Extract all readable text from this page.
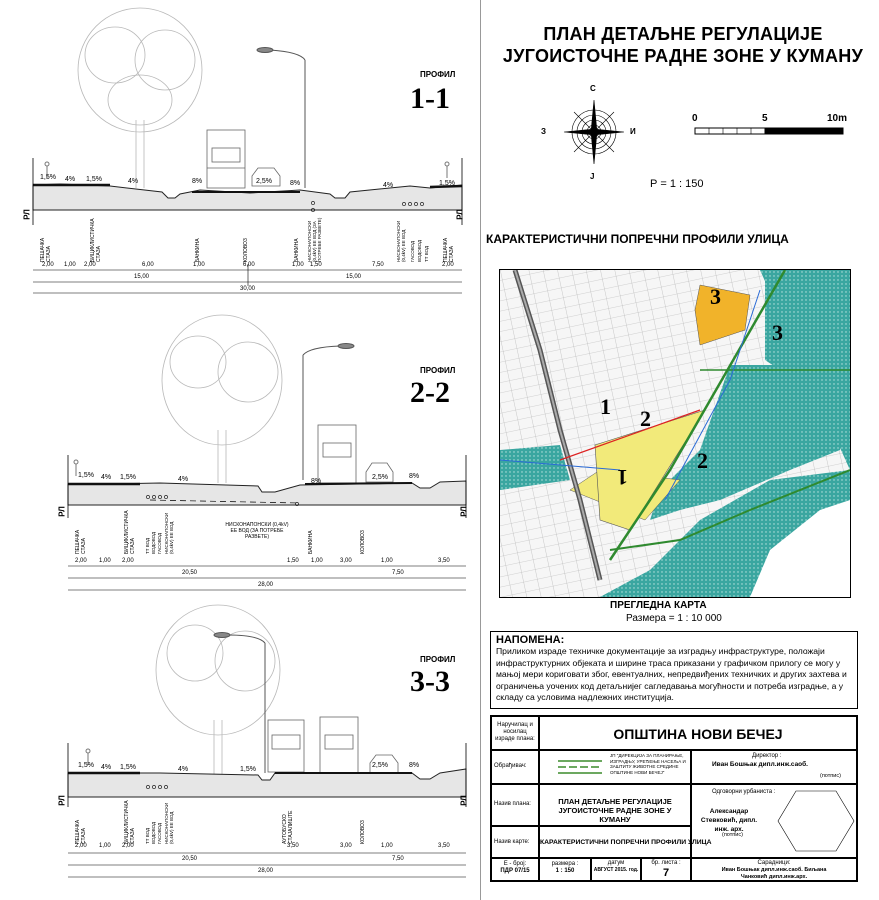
ПРОФИЛ
1-1
1,5% 4% 1,5%	4%	8%	2,5%	8%	4%	1,5%
РЛ	РЛ
ПЕШАЧКА СТАЗА	БИЦИКЛИСТИЧКА СТАЗА	БАНКИНА	КОЛОВОЗ	БАНКИНА НИСКОНАПОНСКИ (0,4kV) ЕЕ ВОД (ЗА ПОТРЕБЕ РАЗВЕТЕ)	НИСКОНАПОНСКИ (0,4kV) ЕЕ ВОД ГАСОВОД ВОДОВОД ТТ ВОД	ПЕШАЧКА СТАЗА
2,00 1,00 2,00	6,00	1,00	6,00	1,00 1,50	7,50	2,00
15,00	15,00
30,00
ПРОФИЛ
2-2
1,5% 4% 1,5%	4%	8%
2,5%	8%
РЛ	РЛ
ПЕШАЧКА СТАЗА	БИЦИКЛИСТИЧКА СТАЗА ТТ ВОД ВОДОВОД ГАСОВОД НИСКОНАПОНСКИ (0,4kV) ЕЕ ВОД	НИСКОНАПОНСКИ (0,4kV) ЕЕ ВОД (ЗА ПОТРЕБЕ РАЗВЕТЕ)	БАНКИНА	КОЛОВОЗ
2,00 1,00 2,00	1,50 1,00	3,00	1,00	3,50
20,50	7,50
28,00
ПРОФИЛ
3-3
1,5% 4% 1,5%	4%	1,5%
2,5%	8%
РЛ	РЛ
ПЕШАЧКА СТАЗА	БИЦИКЛИСТИЧКА СТАЗА ТТ ВОД ВОДОВОД ГАСОВОД НИСКОНАПОНСКИ (0,4kV) ЕЕ ВОД	АУТОБУСКО СТАЈАЛИШТЕ	КОЛОВОЗ
2,00 1,00 2,00	3,50	3,00	1,00	3,50
20,50	7,50
28,00
ПЛАН ДЕТАЉНЕ РЕГУЛАЦИЈЕ
ЈУГОИСТОЧНЕ РАДНЕ ЗОНЕ У КУМАНУ
С
Ј
И
З
0	5	10m
Р = 1 : 150
КАРАКТЕРИСТИЧНИ ПОПРЕЧНИ ПРОФИЛИ УЛИЦА
3
3
1
1
2
2
ПРЕГЛЕДНА КАРТА
Размера = 1 : 10 000
НАПОМЕНА:
Приликом израде техничке документације за изградњу инфраструктуре, положаји инфраструктурних објеката и ширине траса приказани у графичком прилогу се могу у мањој мери кориговати због, евентуалних, непредвиђених техничких и других захтева и ограничења уочених код детаљнијег сагледавања могућности и потреба изградње, а у складу са условима надлежних институција.
Наручилац и носилац израде плана:	ОПШТИНА НОВИ БЕЧЕЈ
Обрађивач:
ЈП "ДИРЕКЦИЈА ЗА ПЛАНИРАЊЕ, ИЗГРАДЊУ, УРЕЂЕЊЕ НАСЕЉА И ЗАШТИТУ ЖИВОТНЕ СРЕДИНЕ ОПШТИНЕ НОВИ БЕЧЕЈ"
Директор :
Иван Бошњак дипл.инж.саоб.
(потпис)
Назив плана:	ПЛАН ДЕТАЉНЕ РЕГУЛАЦИЈЕ ЈУГОИСТОЧНЕ РАДНЕ ЗОНЕ У КУМАНУ
Одговорни урбаниста :
Александар Стевковић, дипл. инж. арх.
(потпис)
Назив карте:	КАРАКТЕРИСТИЧНИ ПОПРЕЧНИ ПРОФИЛИ УЛИЦА
Е - број:
ПДР 07/15
размера :
1 : 150
датум
АВГУСТ 2015. год.
бр. листа :
7
Сарадници:
Иван Бошњак дипл.инж.саоб. Биљана Чанковић дипл.инж.арх.
